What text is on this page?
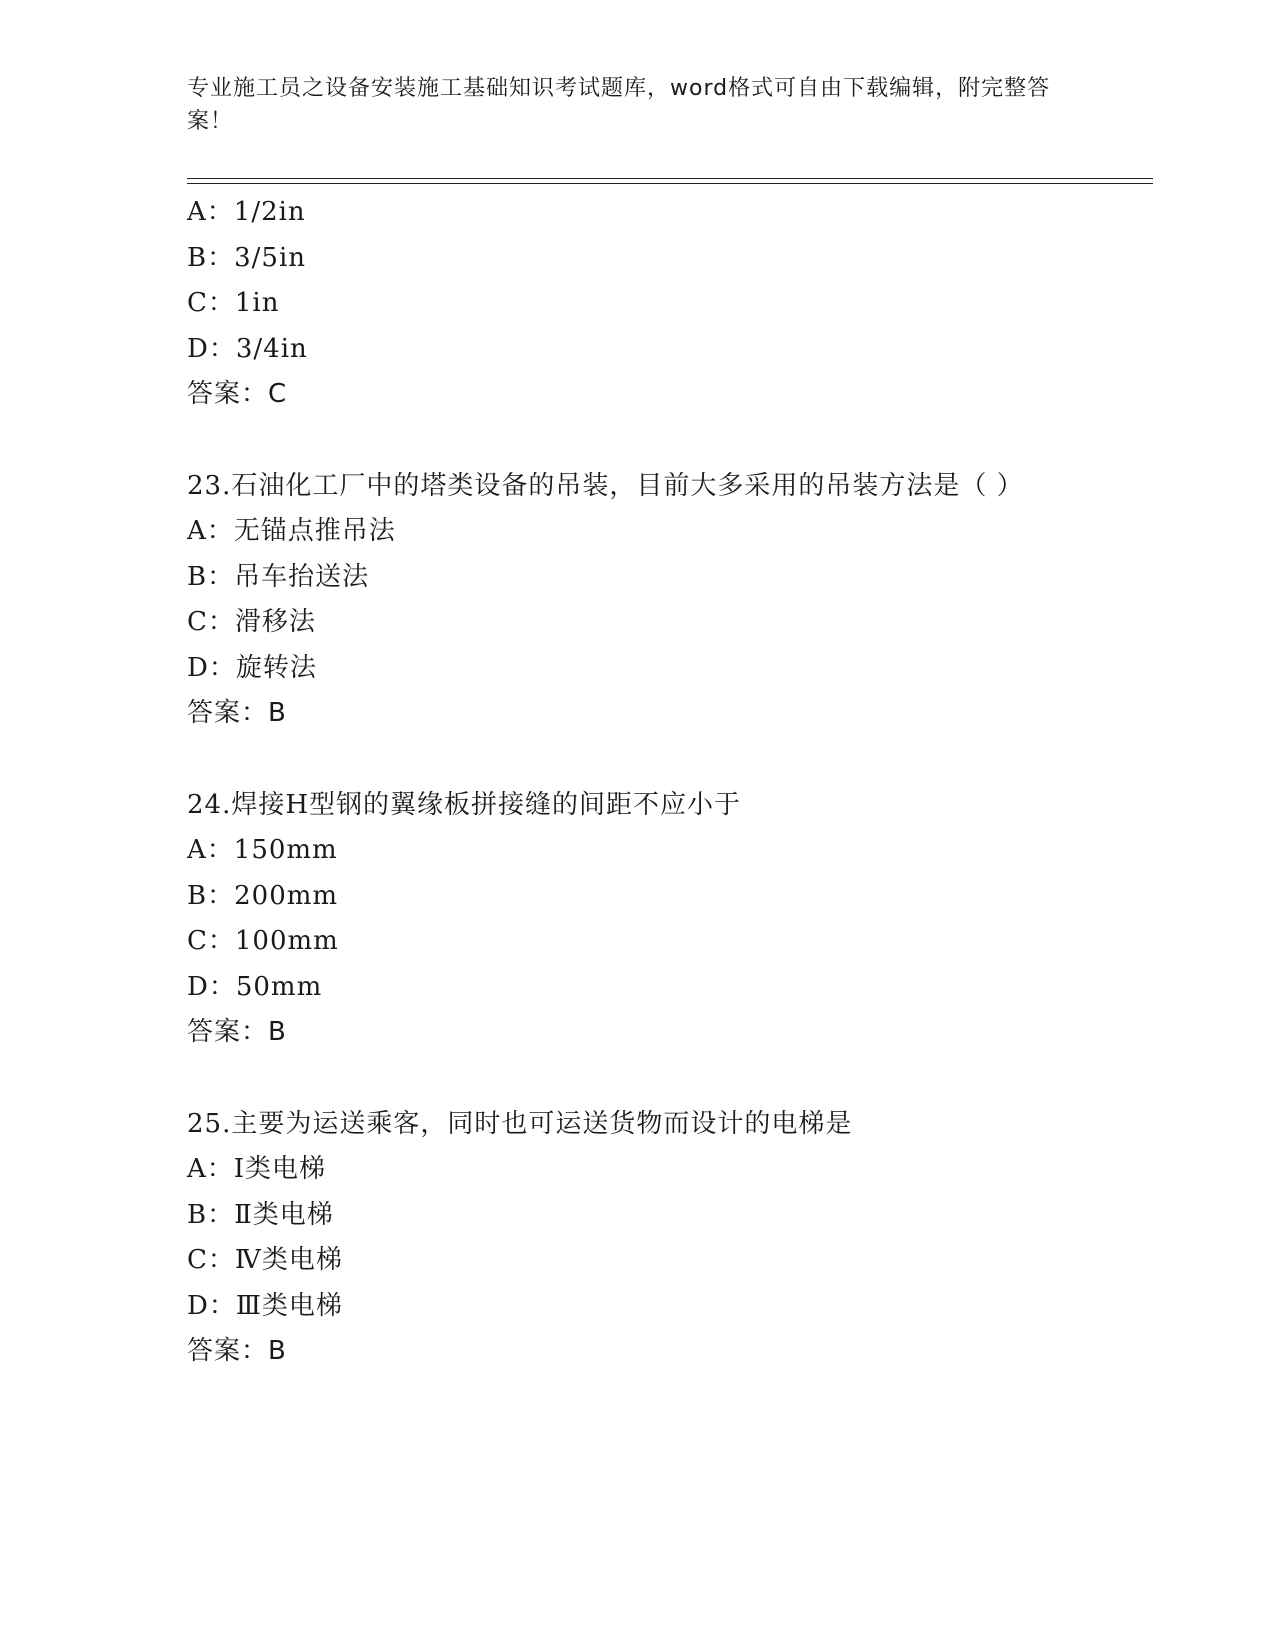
专业施工员之设备安装施工基础知识考试题库，word格式可自由下载编辑，附完整答案！
A：1/2in
B：3/5in
C：1in
D：3/4in
答案：C
23.石油化工厂中的塔类设备的吊装，目前大多采用的吊装方法是（ ）
A：无锚点推吊法
B：吊车抬送法
C：滑移法
D：旋转法
答案：B
24.焊接H型钢的翼缘板拼接缝的间距不应小于
A：150mm
B：200mm
C：100mm
D：50mm
答案：B
25.主要为运送乘客，同时也可运送货物而设计的电梯是
A：Ⅰ类电梯
B：Ⅱ类电梯
C：Ⅳ类电梯
D：Ⅲ类电梯
答案：B
